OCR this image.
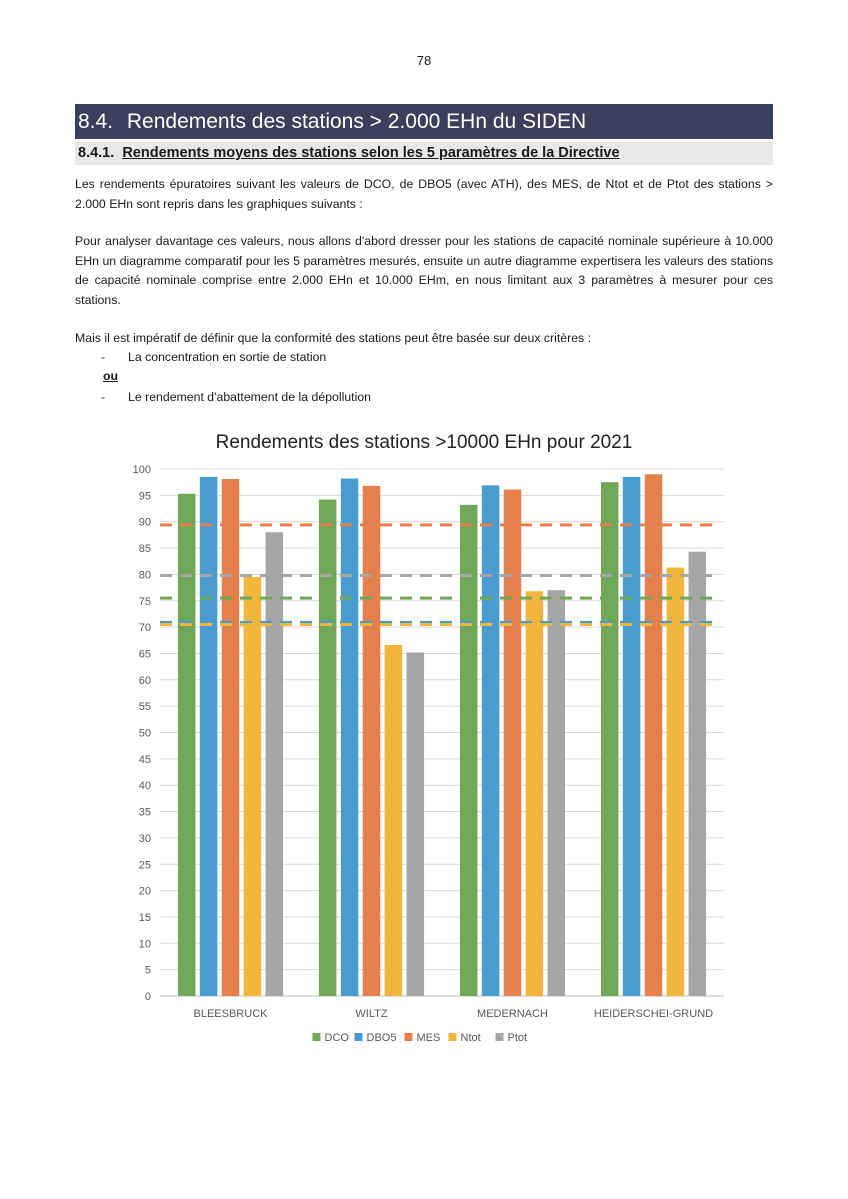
78
8.4. Rendements des stations > 2.000 EHn du SIDEN
8.4.1. Rendements moyens des stations selon les 5 paramètres de la Directive

Les rendements épuratoires suivant les valeurs de DCO, de DBO5 (avec ATH), des MES, de Ntot et de Ptot des stations > 2.000 EHn sont repris dans les graphiques suivants :

Pour analyser davantage ces valeurs, nous allons d'abord dresser pour les stations de capacité nominale supérieure à 10.000 EHn un diagramme comparatif pour les 5 paramètres mesurés, ensuite un autre diagramme expertisera les valeurs des stations de capacité nominale comprise entre 2.000 EHn et 10.000 EHm, en nous limitant aux 3 paramètres à mesurer pour ces stations.

Mais il est impératif de définir que la conformité des stations peut être basée sur deux critères :

- La concentration en sortie de station
ou
- Le rendement d'abattement de la dépollution
Rendements des stations >10000 EHn pour 2021
0
5
10
15
20
25
30
35
40
45
50
55
60
65
70
75
80
85
90
95
100
BLEESBRUCK	WILTZ	MEDERNACH	HEIDERSCHEI-GRUND
DCO DBO5 MES Ntot Ptot
